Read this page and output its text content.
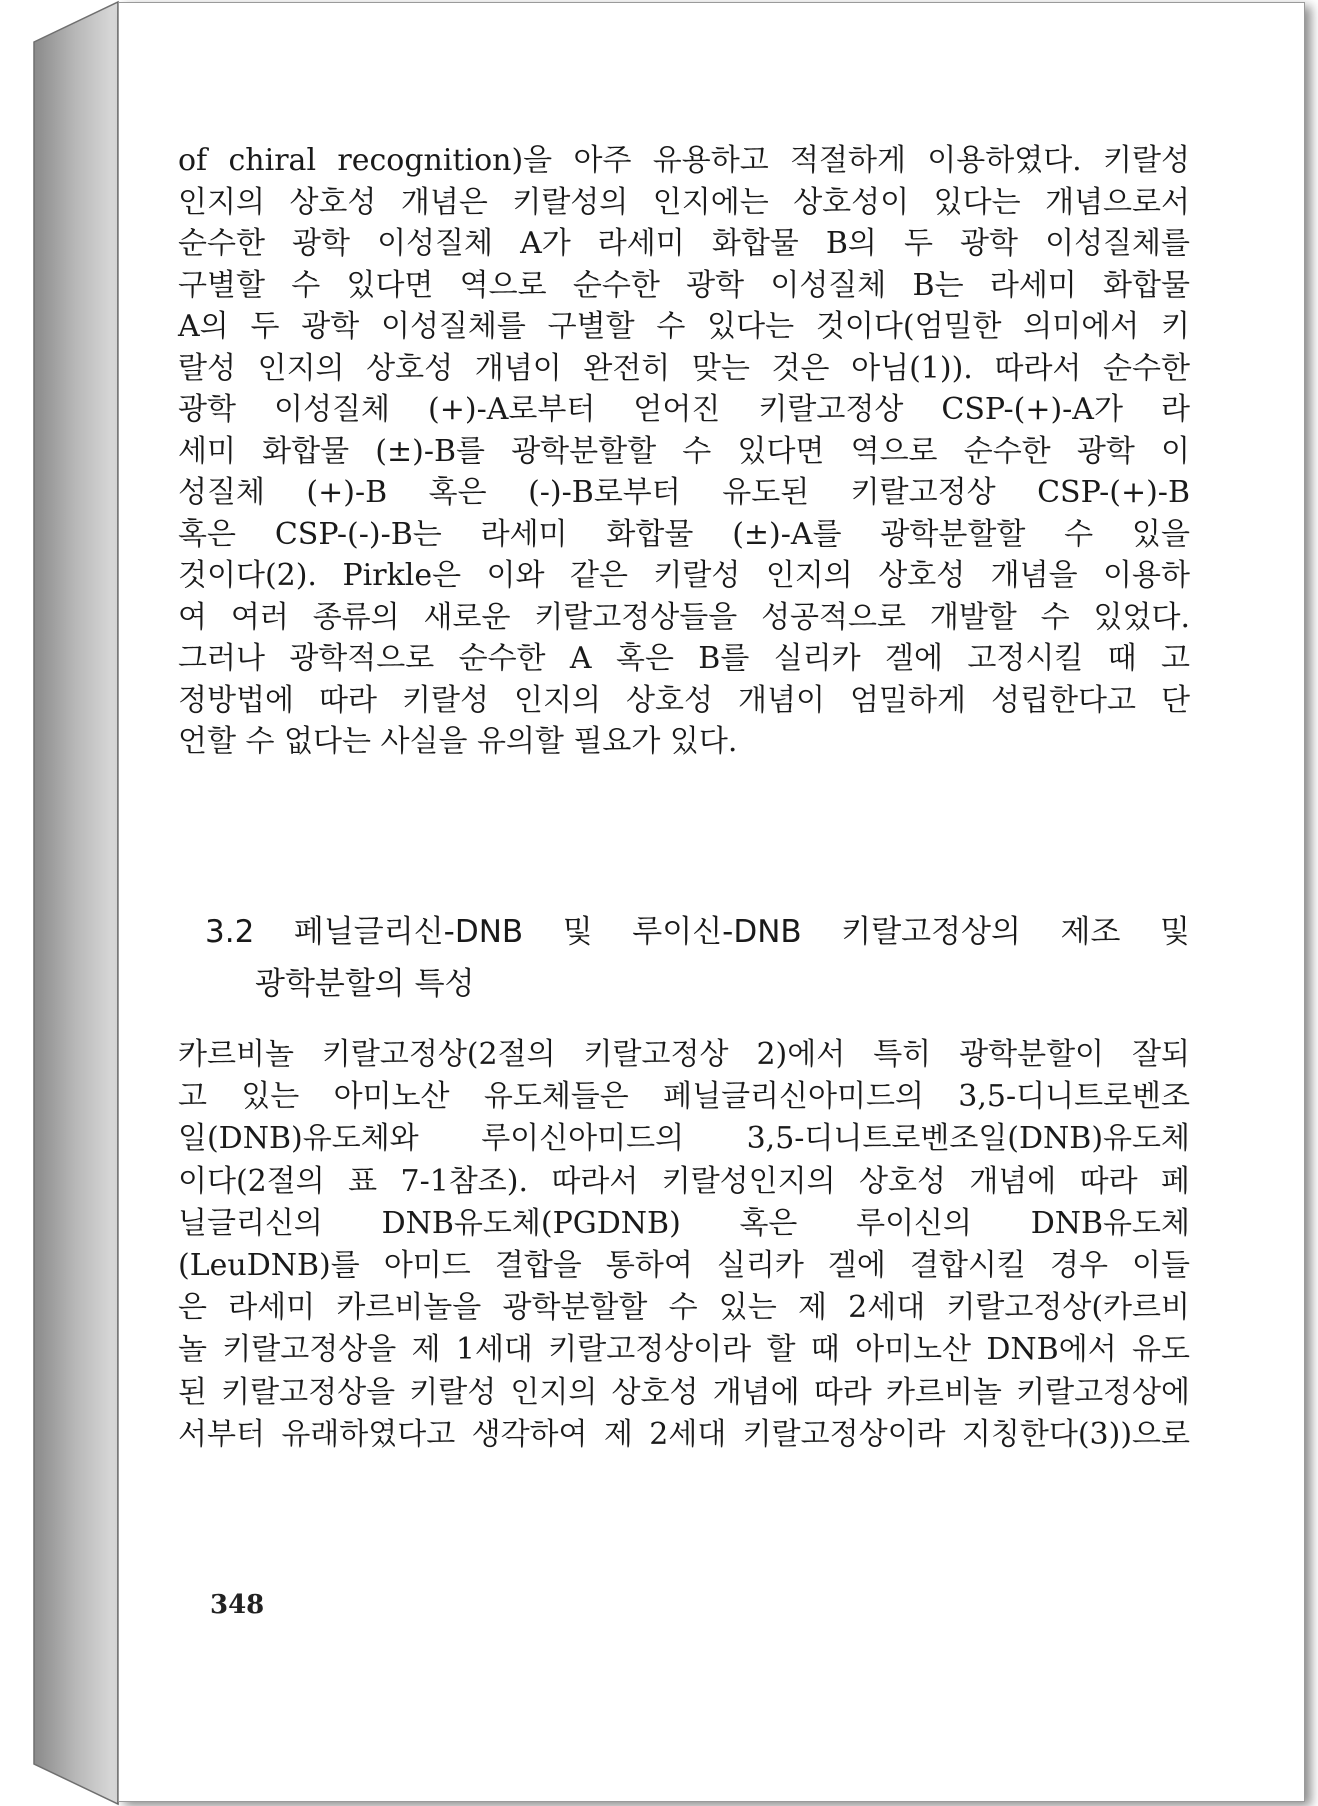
of chiral recognition)을 아주 유용하고 적절하게 이용하였다. 키랄성
인지의 상호성 개념은 키랄성의 인지에는 상호성이 있다는 개념으로서
순수한 광학 이성질체 A가 라세미 화합물 B의 두 광학 이성질체를
구별할 수 있다면 역으로 순수한 광학 이성질체 B는 라세미 화합물
A의 두 광학 이성질체를 구별할 수 있다는 것이다(엄밀한 의미에서 키
랄성 인지의 상호성 개념이 완전히 맞는 것은 아님(1)). 따라서 순수한
광학 이성질체 (+)-A로부터 얻어진 키랄고정상 CSP-(+)-A가 라
세미 화합물 (±)-B를 광학분할할 수 있다면 역으로 순수한 광학 이
성질체 (+)-B 혹은 (-)-B로부터 유도된 키랄고정상 CSP-(+)-B
혹은 CSP-(-)-B는 라세미 화합물 (±)-A를 광학분할할 수 있을
것이다(2). Pirkle은 이와 같은 키랄성 인지의 상호성 개념을 이용하
여 여러 종류의 새로운 키랄고정상들을 성공적으로 개발할 수 있었다.
그러나 광학적으로 순수한 A 혹은 B를 실리카 겔에 고정시킬 때 고
정방법에 따라 키랄성 인지의 상호성 개념이 엄밀하게 성립한다고 단
언할 수 없다는 사실을 유의할 필요가 있다.
3.2 페닐글리신-DNB 및 루이신-DNB 키랄고정상의 제조 및
광학분할의 특성
카르비놀 키랄고정상(2절의 키랄고정상 2)에서 특히 광학분할이 잘되
고 있는 아미노산 유도체들은 페닐글리신아미드의 3,5-디니트로벤조
일(DNB)유도체와 루이신아미드의 3,5-디니트로벤조일(DNB)유도체
이다(2절의 표 7-1참조). 따라서 키랄성인지의 상호성 개념에 따라 페
닐글리신의 DNB유도체(PGDNB) 혹은 루이신의 DNB유도체
(LeuDNB)를 아미드 결합을 통하여 실리카 겔에 결합시킬 경우 이들
은 라세미 카르비놀을 광학분할할 수 있는 제 2세대 키랄고정상(카르비
놀 키랄고정상을 제 1세대 키랄고정상이라 할 때 아미노산 DNB에서 유도
된 키랄고정상을 키랄성 인지의 상호성 개념에 따라 카르비놀 키랄고정상에
서부터 유래하였다고 생각하여 제 2세대 키랄고정상이라 지칭한다(3))으로
348
